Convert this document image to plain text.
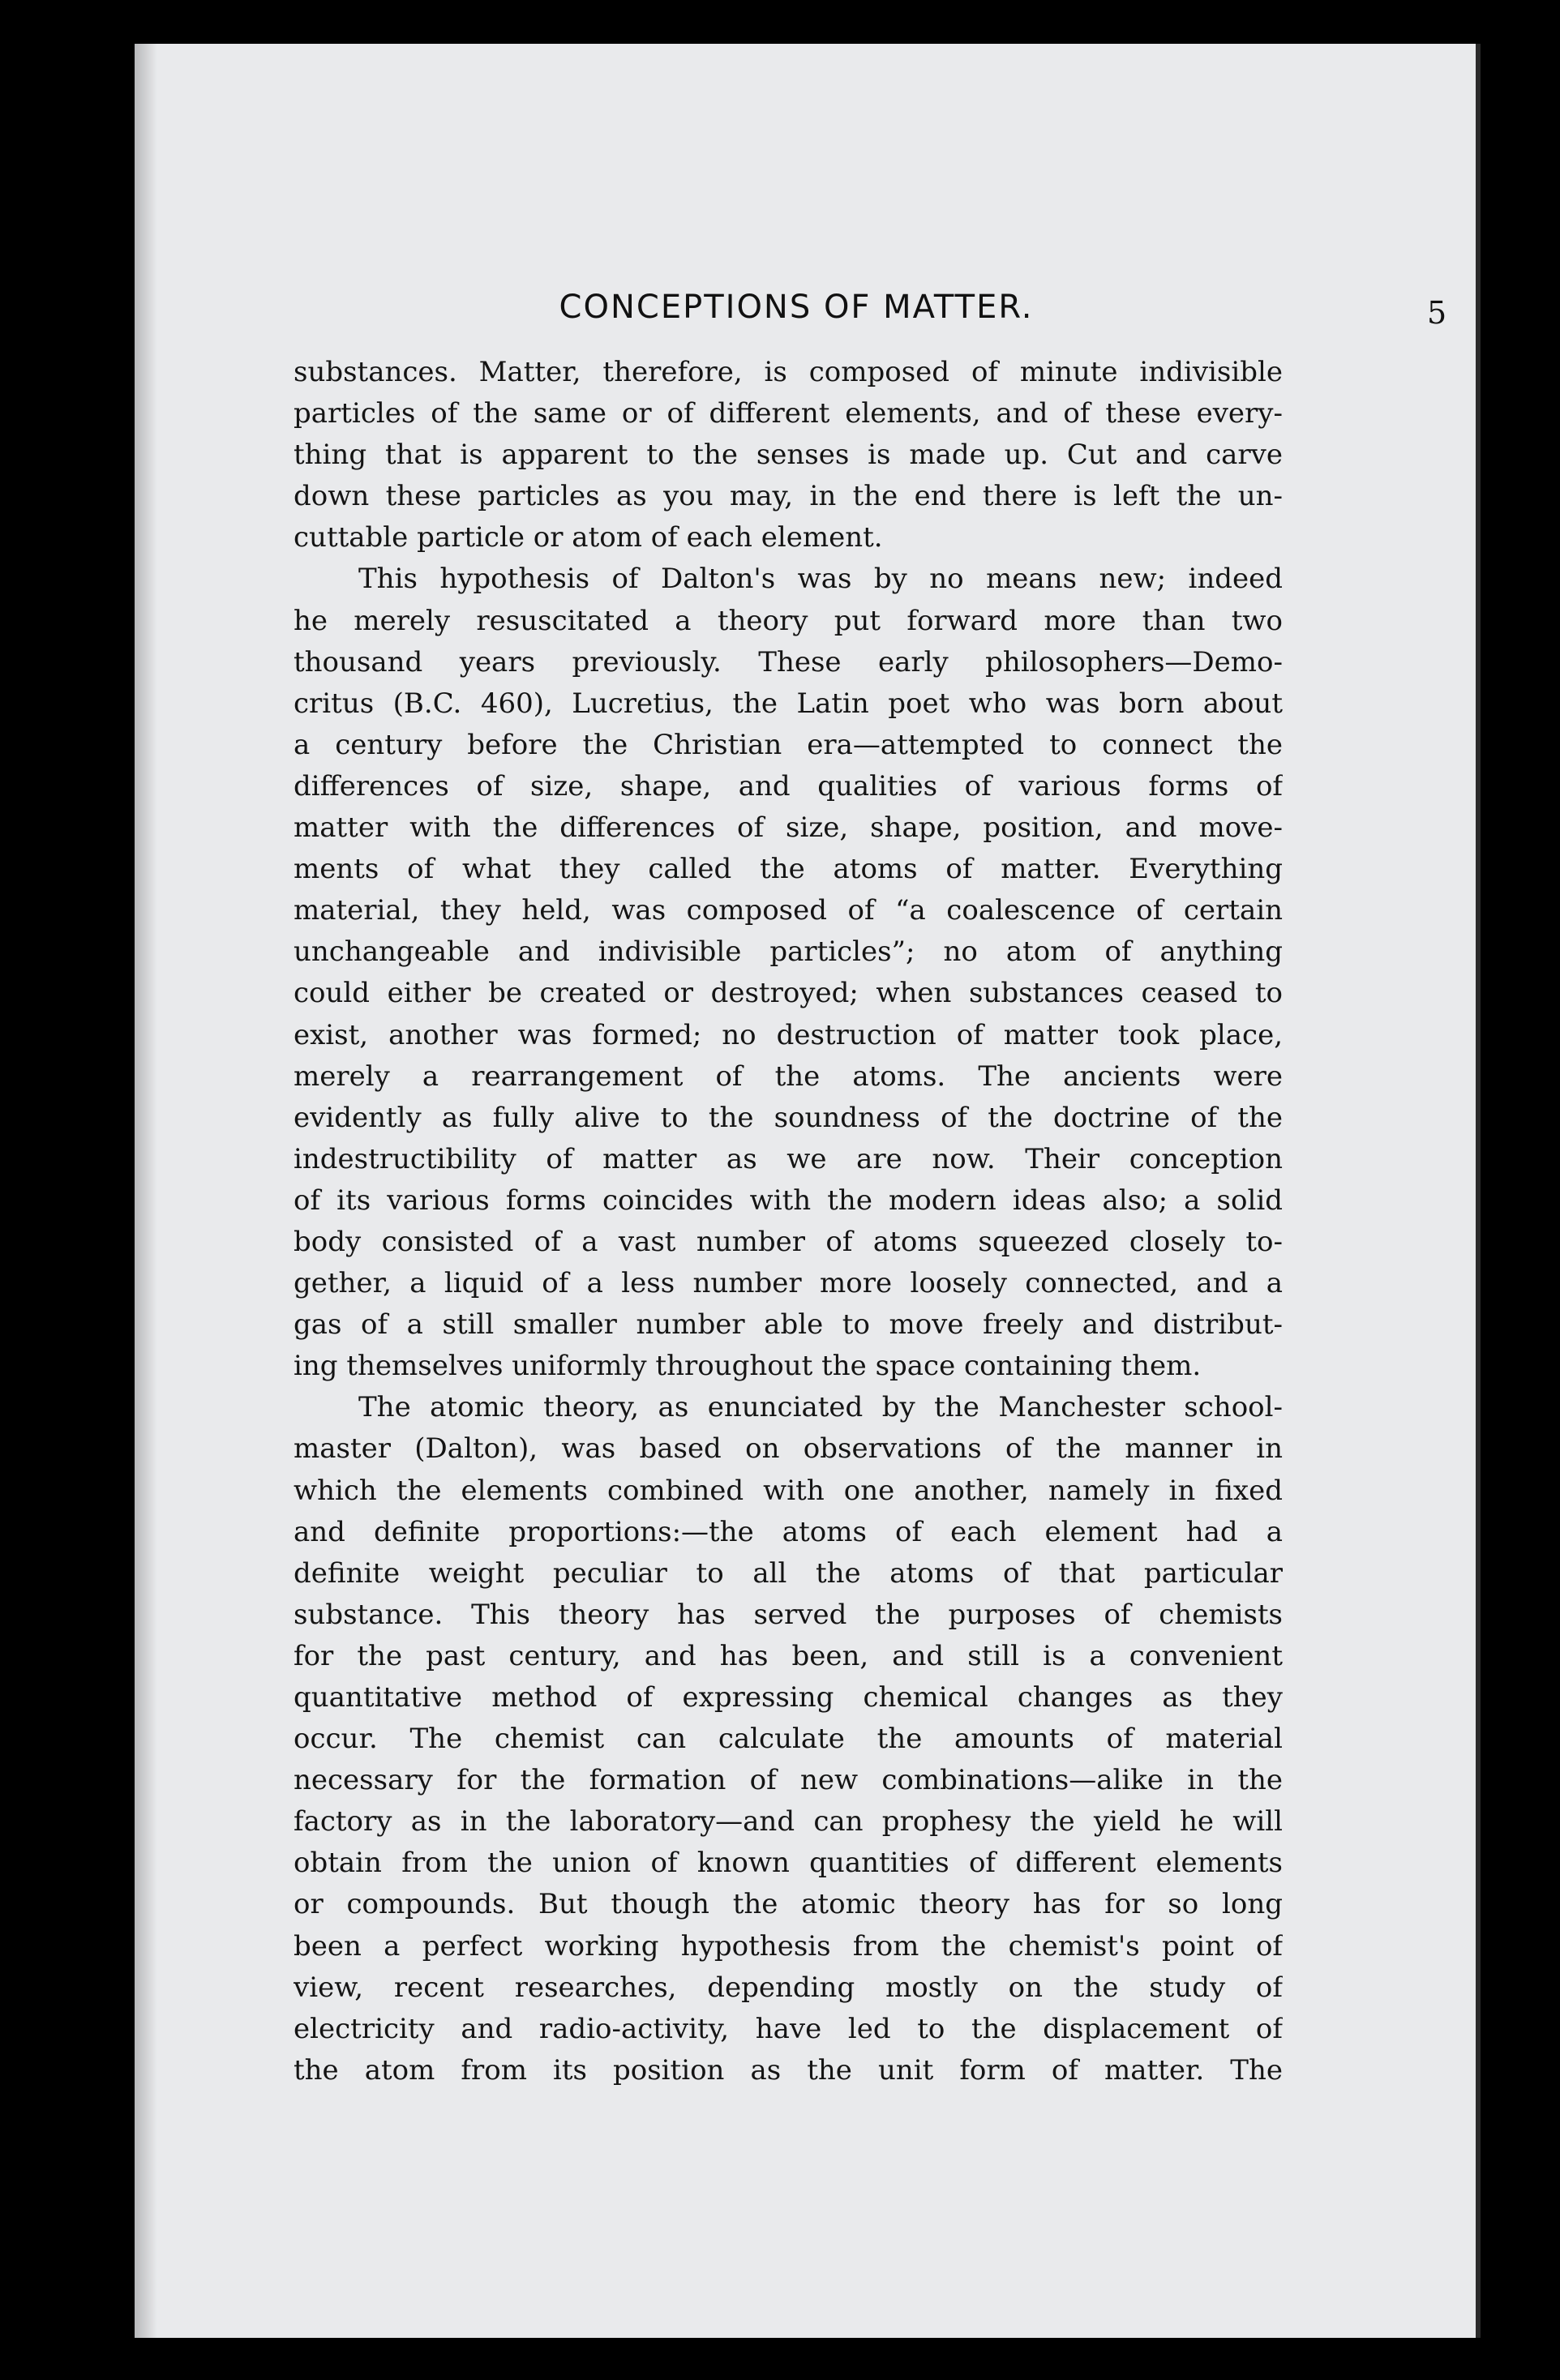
CONCEPTIONS OF MATTER.	5
substances. Matter, therefore, is composed of minute indivisible
particles of the same or of different elements, and of these every-
thing that is apparent to the senses is made up. Cut and carve
down these particles as you may, in the end there is left the un-
cuttable particle or atom of each element.
This hypothesis of Dalton's was by no means new; indeed
he merely resuscitated a theory put forward more than two
thousand years previously. These early philosophers—Demo-
critus (B.C. 460), Lucretius, the Latin poet who was born about
a century before the Christian era—attempted to connect the
differences of size, shape, and qualities of various forms of
matter with the differences of size, shape, position, and move-
ments of what they called the atoms of matter. Everything
material, they held, was composed of “a coalescence of certain
unchangeable and indivisible particles”; no atom of anything
could either be created or destroyed; when substances ceased to
exist, another was formed; no destruction of matter took place,
merely a rearrangement of the atoms. The ancients were
evidently as fully alive to the soundness of the doctrine of the
indestructibility of matter as we are now. Their conception
of its various forms coincides with the modern ideas also; a solid
body consisted of a vast number of atoms squeezed closely to-
gether, a liquid of a less number more loosely connected, and a
gas of a still smaller number able to move freely and distribut-
ing themselves uniformly throughout the space containing them.
The atomic theory, as enunciated by the Manchester school-
master (Dalton), was based on observations of the manner in
which the elements combined with one another, namely in fixed
and definite proportions:—the atoms of each element had a
definite weight peculiar to all the atoms of that particular
substance. This theory has served the purposes of chemists
for the past century, and has been, and still is a convenient
quantitative method of expressing chemical changes as they
occur. The chemist can calculate the amounts of material
necessary for the formation of new combinations—alike in the
factory as in the laboratory—and can prophesy the yield he will
obtain from the union of known quantities of different elements
or compounds. But though the atomic theory has for so long
been a perfect working hypothesis from the chemist's point of
view, recent researches, depending mostly on the study of
electricity and radio-activity, have led to the displacement of
the atom from its position as the unit form of matter. The
